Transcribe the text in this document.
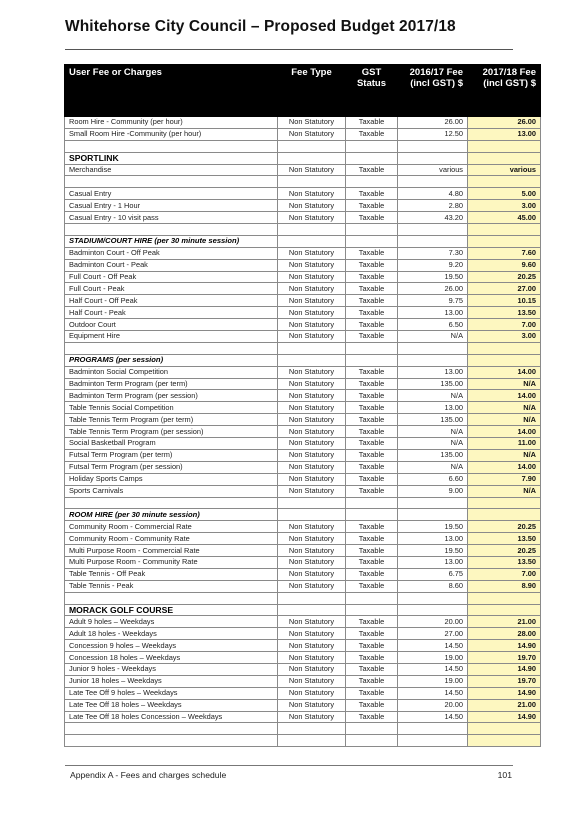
Whitehorse City Council – Proposed Budget 2017/18
User Fee or Charges	Fee Type	GST Status	2016/17 Fee (incl GST) $	2017/18 Fee (incl GST) $
Room Hire - Community (per hour)	Non Statutory	Taxable	26.00	26.00
Small Room Hire -Community (per hour)	Non Statutory	Taxable	12.50	13.00

SPORTLINK				
Merchandise	Non Statutory	Taxable	various	various

Casual Entry	Non Statutory	Taxable	4.80	5.00
Casual Entry - 1 Hour	Non Statutory	Taxable	2.80	3.00
Casual Entry - 10 visit pass	Non Statutory	Taxable	43.20	45.00

STADIUM/COURT HIRE (per 30 minute session)				
Badminton Court - Off Peak	Non Statutory	Taxable	7.30	7.60
Badminton Court - Peak	Non Statutory	Taxable	9.20	9.60
Full Court - Off Peak	Non Statutory	Taxable	19.50	20.25
Full Court - Peak	Non Statutory	Taxable	26.00	27.00
Half Court - Off Peak	Non Statutory	Taxable	9.75	10.15
Half Court - Peak	Non Statutory	Taxable	13.00	13.50
Outdoor Court	Non Statutory	Taxable	6.50	7.00
Equipment Hire	Non Statutory	Taxable	N/A	3.00

PROGRAMS (per session)				
Badminton Social Competition	Non Statutory	Taxable	13.00	14.00
Badminton Term Program (per term)	Non Statutory	Taxable	135.00	N/A
Badminton Term Program (per session)	Non Statutory	Taxable	N/A	14.00
Table Tennis Social Competition	Non Statutory	Taxable	13.00	N/A
Table Tennis Term Program (per term)	Non Statutory	Taxable	135.00	N/A
Table Tennis Term Program (per session)	Non Statutory	Taxable	N/A	14.00
Social Basketball Program	Non Statutory	Taxable	N/A	11.00
Futsal Term Program (per term)	Non Statutory	Taxable	135.00	N/A
Futsal Term Program (per session)	Non Statutory	Taxable	N/A	14.00
Holiday Sports Camps	Non Statutory	Taxable	6.60	7.90
Sports Carnivals	Non Statutory	Taxable	9.00	N/A

ROOM HIRE (per 30 minute session)				
Community Room - Commercial Rate	Non Statutory	Taxable	19.50	20.25
Community Room - Community Rate	Non Statutory	Taxable	13.00	13.50
Multi Purpose Room - Commercial Rate	Non Statutory	Taxable	19.50	20.25
Multi Purpose Room - Community Rate	Non Statutory	Taxable	13.00	13.50
Table Tennis - Off Peak	Non Statutory	Taxable	6.75	7.00
Table Tennis - Peak	Non Statutory	Taxable	8.60	8.90

MORACK GOLF COURSE				
Adult 9 holes – Weekdays	Non Statutory	Taxable	20.00	21.00
Adult 18 holes - Weekdays	Non Statutory	Taxable	27.00	28.00
Concession 9 holes – Weekdays	Non Statutory	Taxable	14.50	14.90
Concession 18 holes – Weekdays	Non Statutory	Taxable	19.00	19.70
Junior 9 holes - Weekdays	Non Statutory	Taxable	14.50	14.90
Junior 18 holes – Weekdays	Non Statutory	Taxable	19.00	19.70
Late Tee Off 9 holes – Weekdays	Non Statutory	Taxable	14.50	14.90
Late Tee Off 18 holes – Weekdays	Non Statutory	Taxable	20.00	21.00
Late Tee Off 18 holes Concession – Weekdays	Non Statutory	Taxable	14.50	14.90

Appendix A - Fees and charges schedule	101
